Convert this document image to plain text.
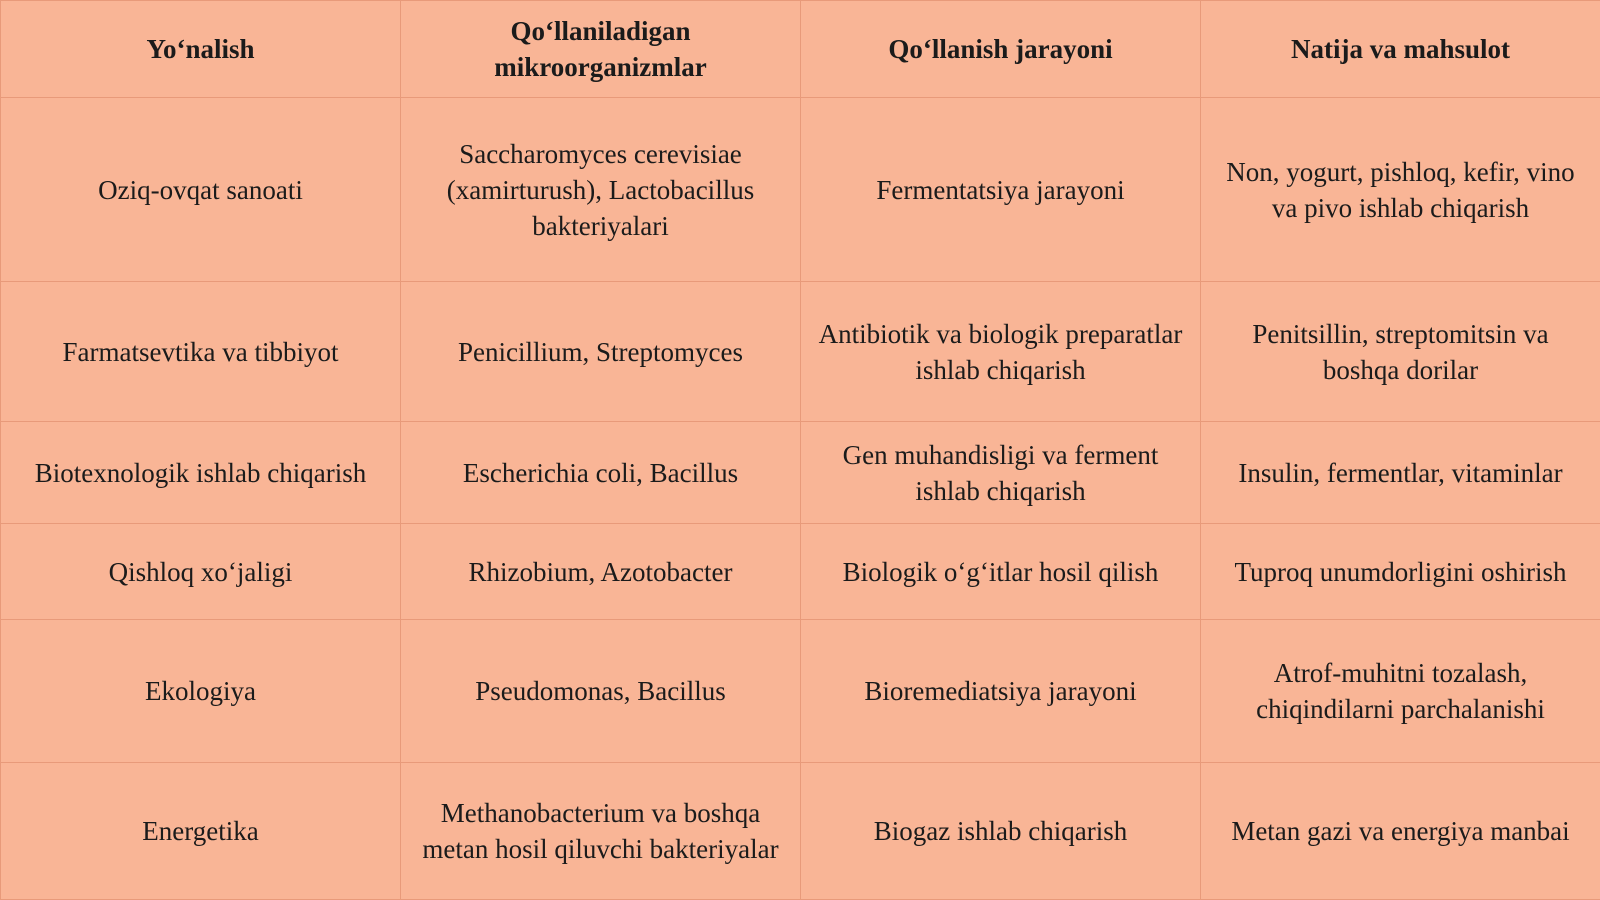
Yo‘nalish	Qo‘llaniladigan mikroorganizmlar	Qo‘llanish jarayoni	Natija va mahsulot
Oziq-ovqat sanoati	Saccharomyces cerevisiae (xamirturush), Lactobacillus bakteriyalari	Fermentatsiya jarayoni	Non, yogurt, pishloq, kefir, vino va pivo ishlab chiqarish
Farmatsevtika va tibbiyot	Penicillium, Streptomyces	Antibiotik va biologik preparatlar ishlab chiqarish	Penitsillin, streptomitsin va boshqa dorilar
Biotexnologik ishlab chiqarish	Escherichia coli, Bacillus	Gen muhandisligi va ferment ishlab chiqarish	Insulin, fermentlar, vitaminlar
Qishloq xo‘jaligi	Rhizobium, Azotobacter	Biologik o‘g‘itlar hosil qilish	Tuproq unumdorligini oshirish
Ekologiya	Pseudomonas, Bacillus	Bioremediatsiya jarayoni	Atrof-muhitni tozalash, chiqindilarni parchalanishi
Energetika	Methanobacterium va boshqa metan hosil qiluvchi bakteriyalar	Biogaz ishlab chiqarish	Metan gazi va energiya manbai
